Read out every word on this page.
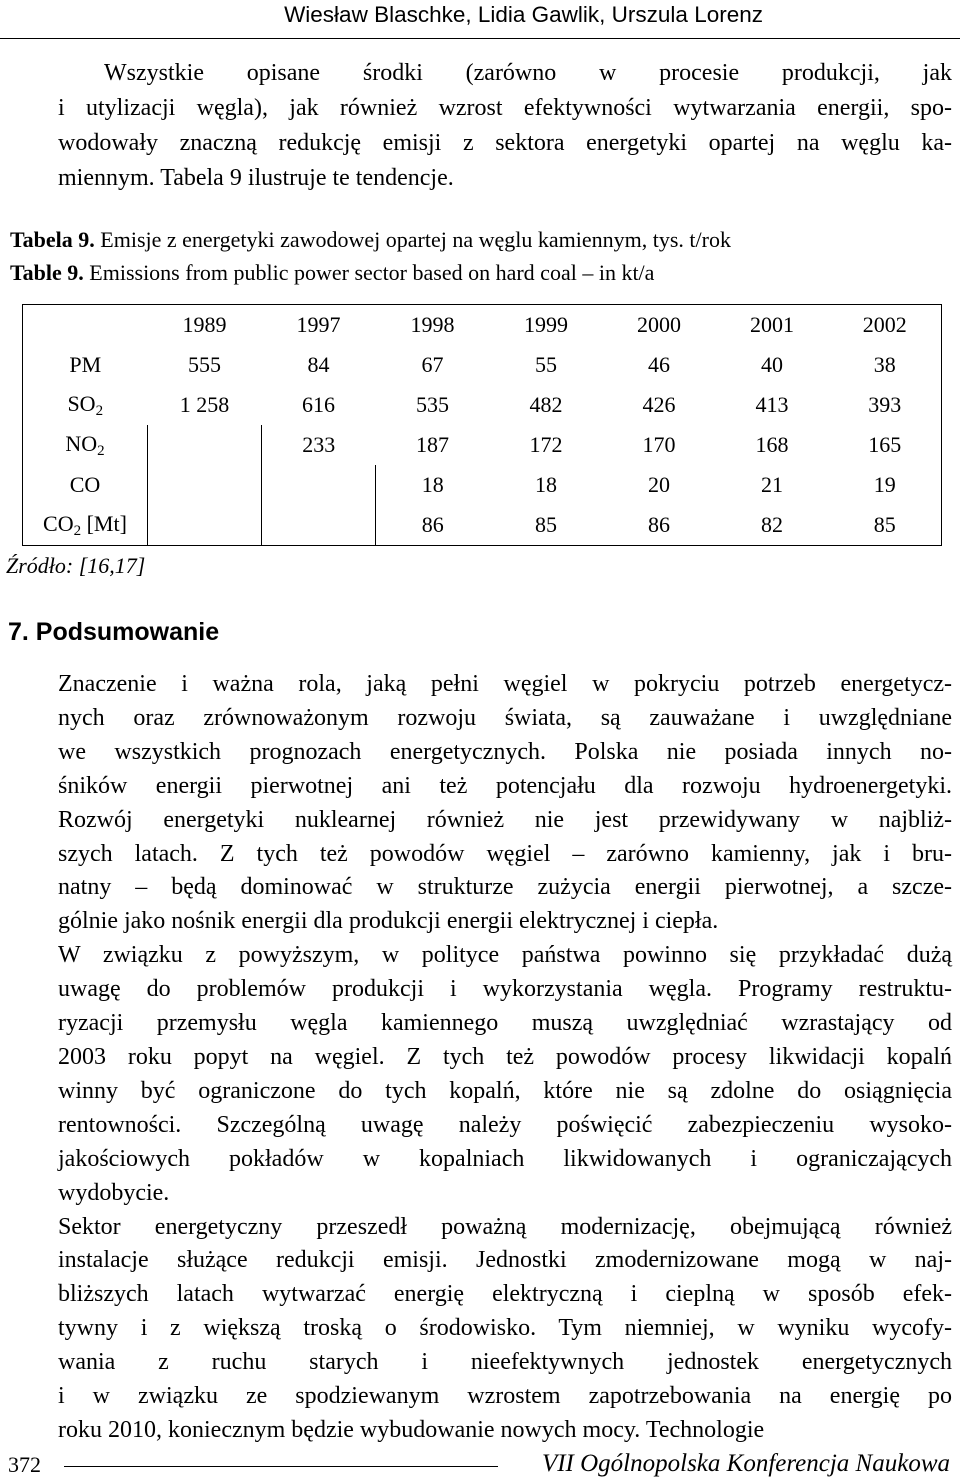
Wiesław Blaschke, Lidia Gawlik, Urszula Lorenz
Wszystkie opisane środki (zarówno w procesie produkcji, jak
i utylizacji węgla), jak również wzrost efektywności wytwarzania energii, spo-
wodowały znaczną redukcję emisji z sektora energetyki opartej na węglu ka-
miennym. Tabela 9 ilustruje te tendencje.
Tabela 9. Emisje z energetyki zawodowej opartej na węglu kamiennym, tys. t/rok
Table 9. Emissions from public power sector based on hard coal – in kt/a
	1989	1997	1998	1999	2000	2001	2002
PM	555	84	67	55	46	40	38
$SO_2$	1 258	616	535	482	426	413	393
$NO_2$		233	187	172	170	168	165
CO			18	18	20	21	19
$CO_2$ [Mt]			86	85	86	82	85
Źródło: [16,17]
7. Podsumowanie
Znaczenie i ważna rola, jaką pełni węgiel w pokryciu potrzeb energetycz-
nych oraz zrównoważonym rozwoju świata, są zauważane i uwzględniane
we wszystkich prognozach energetycznych. Polska nie posiada innych no-
śników energii pierwotnej ani też potencjału dla rozwoju hydroenergetyki.
Rozwój energetyki nuklearnej również nie jest przewidywany w najbliż-
szych latach. Z tych też powodów węgiel – zarówno kamienny, jak i bru-
natny – będą dominować w strukturze zużycia energii pierwotnej, a szcze-
gólnie jako nośnik energii dla produkcji energii elektrycznej i ciepła.
W związku z powyższym, w polityce państwa powinno się przykładać dużą
uwagę do problemów produkcji i wykorzystania węgla. Programy restruktu-
ryzacji przemysłu węgla kamiennego muszą uwzględniać wzrastający od
2003 roku popyt na węgiel. Z tych też powodów procesy likwidacji kopalń
winny być ograniczone do tych kopalń, które nie są zdolne do osiągnięcia
rentowności. Szczególną uwagę należy poświęcić zabezpieczeniu wysoko-
jakościowych pokładów w kopalniach likwidowanych i ograniczających
wydobycie.
Sektor energetyczny przeszedł poważną modernizację, obejmującą również
instalacje służące redukcji emisji. Jednostki zmodernizowane mogą w naj-
bliższych latach wytwarzać energię elektryczną i cieplną w sposób efek-
tywny i z większą troską o środowisko. Tym niemniej, w wyniku wycofy-
wania z ruchu starych i nieefektywnych jednostek energetycznych
i w związku ze spodziewanym wzrostem zapotrzebowania na energię po
roku 2010, koniecznym będzie wybudowanie nowych mocy. Technologie
372	VII Ogólnopolska Konferencja Naukowa
